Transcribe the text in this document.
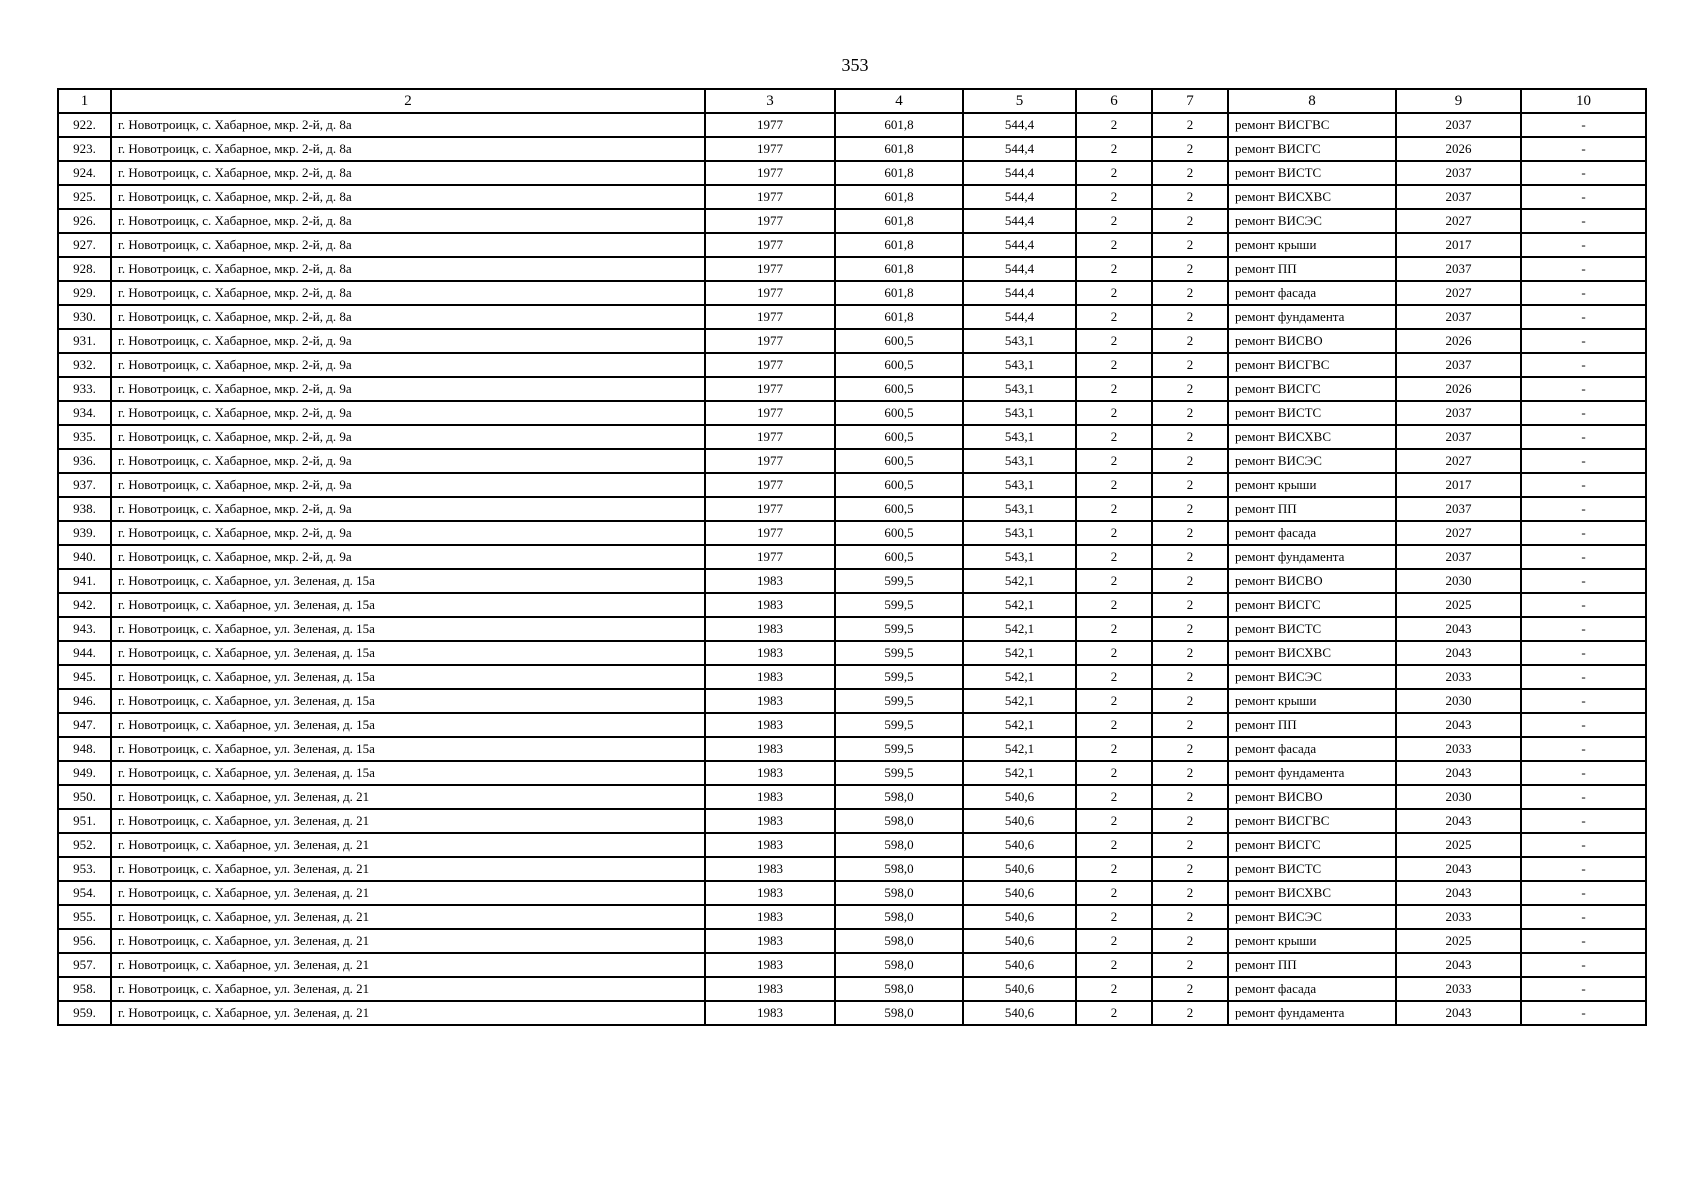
353
1	2	3	4	5	6	7	8	9	10
922.	г. Новотроицк, с. Хабарное, мкр. 2-й, д. 8а	1977	601,8	544,4	2	2	ремонт ВИСГВС	2037	-
923.	г. Новотроицк, с. Хабарное, мкр. 2-й, д. 8а	1977	601,8	544,4	2	2	ремонт ВИСГС	2026	-
924.	г. Новотроицк, с. Хабарное, мкр. 2-й, д. 8а	1977	601,8	544,4	2	2	ремонт ВИСТС	2037	-
925.	г. Новотроицк, с. Хабарное, мкр. 2-й, д. 8а	1977	601,8	544,4	2	2	ремонт ВИСХВС	2037	-
926.	г. Новотроицк, с. Хабарное, мкр. 2-й, д. 8а	1977	601,8	544,4	2	2	ремонт ВИСЭС	2027	-
927.	г. Новотроицк, с. Хабарное, мкр. 2-й, д. 8а	1977	601,8	544,4	2	2	ремонт крыши	2017	-
928.	г. Новотроицк, с. Хабарное, мкр. 2-й, д. 8а	1977	601,8	544,4	2	2	ремонт ПП	2037	-
929.	г. Новотроицк, с. Хабарное, мкр. 2-й, д. 8а	1977	601,8	544,4	2	2	ремонт фасада	2027	-
930.	г. Новотроицк, с. Хабарное, мкр. 2-й, д. 8а	1977	601,8	544,4	2	2	ремонт фундамента	2037	-
931.	г. Новотроицк, с. Хабарное, мкр. 2-й, д. 9а	1977	600,5	543,1	2	2	ремонт ВИСВО	2026	-
932.	г. Новотроицк, с. Хабарное, мкр. 2-й, д. 9а	1977	600,5	543,1	2	2	ремонт ВИСГВС	2037	-
933.	г. Новотроицк, с. Хабарное, мкр. 2-й, д. 9а	1977	600,5	543,1	2	2	ремонт ВИСГС	2026	-
934.	г. Новотроицк, с. Хабарное, мкр. 2-й, д. 9а	1977	600,5	543,1	2	2	ремонт ВИСТС	2037	-
935.	г. Новотроицк, с. Хабарное, мкр. 2-й, д. 9а	1977	600,5	543,1	2	2	ремонт ВИСХВС	2037	-
936.	г. Новотроицк, с. Хабарное, мкр. 2-й, д. 9а	1977	600,5	543,1	2	2	ремонт ВИСЭС	2027	-
937.	г. Новотроицк, с. Хабарное, мкр. 2-й, д. 9а	1977	600,5	543,1	2	2	ремонт крыши	2017	-
938.	г. Новотроицк, с. Хабарное, мкр. 2-й, д. 9а	1977	600,5	543,1	2	2	ремонт ПП	2037	-
939.	г. Новотроицк, с. Хабарное, мкр. 2-й, д. 9а	1977	600,5	543,1	2	2	ремонт фасада	2027	-
940.	г. Новотроицк, с. Хабарное, мкр. 2-й, д. 9а	1977	600,5	543,1	2	2	ремонт фундамента	2037	-
941.	г. Новотроицк, с. Хабарное, ул. Зеленая, д. 15а	1983	599,5	542,1	2	2	ремонт ВИСВО	2030	-
942.	г. Новотроицк, с. Хабарное, ул. Зеленая, д. 15а	1983	599,5	542,1	2	2	ремонт ВИСГС	2025	-
943.	г. Новотроицк, с. Хабарное, ул. Зеленая, д. 15а	1983	599,5	542,1	2	2	ремонт ВИСТС	2043	-
944.	г. Новотроицк, с. Хабарное, ул. Зеленая, д. 15а	1983	599,5	542,1	2	2	ремонт ВИСХВС	2043	-
945.	г. Новотроицк, с. Хабарное, ул. Зеленая, д. 15а	1983	599,5	542,1	2	2	ремонт ВИСЭС	2033	-
946.	г. Новотроицк, с. Хабарное, ул. Зеленая, д. 15а	1983	599,5	542,1	2	2	ремонт крыши	2030	-
947.	г. Новотроицк, с. Хабарное, ул. Зеленая, д. 15а	1983	599,5	542,1	2	2	ремонт ПП	2043	-
948.	г. Новотроицк, с. Хабарное, ул. Зеленая, д. 15а	1983	599,5	542,1	2	2	ремонт фасада	2033	-
949.	г. Новотроицк, с. Хабарное, ул. Зеленая, д. 15а	1983	599,5	542,1	2	2	ремонт фундамента	2043	-
950.	г. Новотроицк, с. Хабарное, ул. Зеленая, д. 21	1983	598,0	540,6	2	2	ремонт ВИСВО	2030	-
951.	г. Новотроицк, с. Хабарное, ул. Зеленая, д. 21	1983	598,0	540,6	2	2	ремонт ВИСГВС	2043	-
952.	г. Новотроицк, с. Хабарное, ул. Зеленая, д. 21	1983	598,0	540,6	2	2	ремонт ВИСГС	2025	-
953.	г. Новотроицк, с. Хабарное, ул. Зеленая, д. 21	1983	598,0	540,6	2	2	ремонт ВИСТС	2043	-
954.	г. Новотроицк, с. Хабарное, ул. Зеленая, д. 21	1983	598,0	540,6	2	2	ремонт ВИСХВС	2043	-
955.	г. Новотроицк, с. Хабарное, ул. Зеленая, д. 21	1983	598,0	540,6	2	2	ремонт ВИСЭС	2033	-
956.	г. Новотроицк, с. Хабарное, ул. Зеленая, д. 21	1983	598,0	540,6	2	2	ремонт крыши	2025	-
957.	г. Новотроицк, с. Хабарное, ул. Зеленая, д. 21	1983	598,0	540,6	2	2	ремонт ПП	2043	-
958.	г. Новотроицк, с. Хабарное, ул. Зеленая, д. 21	1983	598,0	540,6	2	2	ремонт фасада	2033	-
959.	г. Новотроицк, с. Хабарное, ул. Зеленая, д. 21	1983	598,0	540,6	2	2	ремонт фундамента	2043	-
